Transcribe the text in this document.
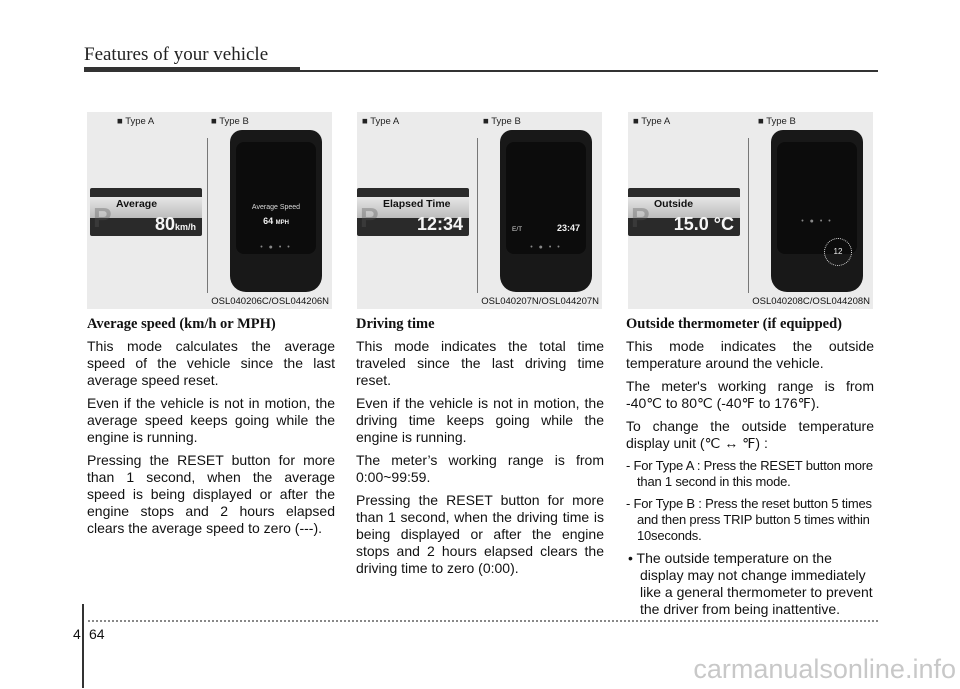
Features of your vehicle
■ Type A	■ Type B
P Average
80km/h
Average Speed
64 MPH
• ● • •
OSL040206C/OSL044206N
■ Type A	■ Type B
P Elapsed Time
12:34	E/T	23:47
• ● • •
OSL040207N/OSL044207N
■ Type A	■ Type B
P Outside
15.0 °C	• ● • •
12
OSL040208C/OSL044208N
Average speed (km/h or MPH)

This mode calculates the average speed of the vehicle since the last average speed reset.

Even if the vehicle is not in motion, the average speed keeps going while the engine is running.

Pressing the RESET button for more than 1 second, when the average speed is being displayed or after the engine stops and 2 hours elapsed clears the average speed to zero (---).

Driving time

This mode indicates the total time traveled since the last driving time reset.

Even if the vehicle is not in motion, the driving time keeps going while the engine is running.

The meter’s working range is from 0:00~99:59.

Pressing the RESET button for more than 1 second, when the driving time is being displayed or after the engine stops and 2 hours elapsed clears the driving time to zero (0:00).

Outside thermometer (if equipped)

This mode indicates the outside temperature around the vehicle.

The meter's working range is from -40℃ to 80℃ (-40℉ to 176℉).

To change the outside temperature display unit (℃ ↔ ℉) :

- For Type A : Press the RESET button more than 1 second in this mode.

- For Type B : Press the reset button 5 times and then press TRIP button 5 times within 10seconds.

• The outside temperature on the display may not change immediately like a general thermometer to prevent the driver from being inattentive.

4 64
carmanualsonline.info
